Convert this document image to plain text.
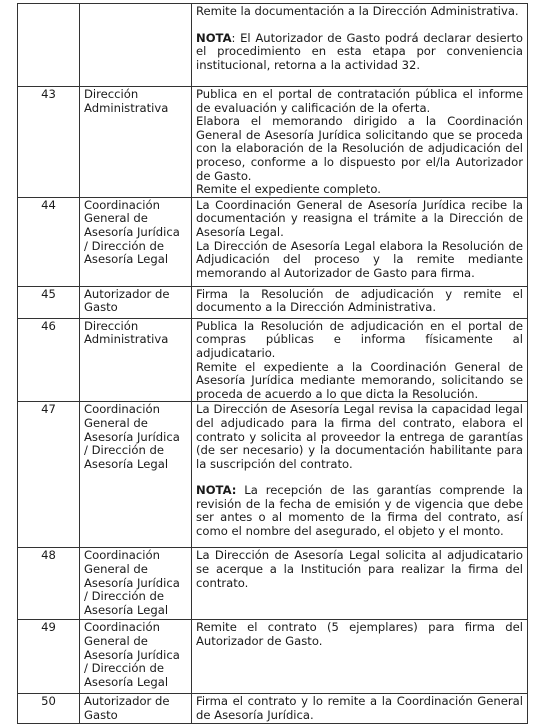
		Remite la documentación a la Dirección Administrativa.

NOTA: El Autorizador de Gasto podrá declarar desierto el procedimiento en esta etapa por conveniencia institucional, retorna a la actividad 32.

43	Dirección Administrativa	Publica en el portal de contratación pública el informe de evaluación y calificación de la oferta.

Elabora el memorando dirigido a la Coordinación General de Asesoría Jurídica solicitando que se proceda con la elaboración de la Resolución de adjudicación del proceso, conforme a lo dispuesto por el/la Autorizador de Gasto.

Remite el expediente completo.

44	Coordinación General de Asesoría Jurídica / Dirección de Asesoría Legal	La Coordinación General de Asesoría Jurídica recibe la documentación y reasigna el trámite a la Dirección de Asesoría Legal.

La Dirección de Asesoría Legal elabora la Resolución de Adjudicación del proceso y la remite mediante memorando al Autorizador de Gasto para firma.

45	Autorizador de Gasto	Firma la Resolución de adjudicación y remite el documento a la Dirección Administrativa.

46	Dirección Administrativa	Publica la Resolución de adjudicación en el portal de compras públicas e informa físicamente al adjudicatario.

Remite el expediente a la Coordinación General de Asesoría Jurídica mediante memorando, solicitando se proceda de acuerdo a lo que dicta la Resolución.

47	Coordinación General de Asesoría Jurídica / Dirección de Asesoría Legal	La Dirección de Asesoría Legal revisa la capacidad legal del adjudicado para la firma del contrato, elabora el contrato y solicita al proveedor la entrega de garantías (de ser necesario) y la documentación habilitante para la suscripción del contrato.

NOTA: La recepción de las garantías comprende la revisión de la fecha de emisión y de vigencia que debe ser antes o al momento de la firma del contrato, así como el nombre del asegurado, el objeto y el monto.

48	Coordinación General de Asesoría Jurídica / Dirección de Asesoría Legal	La Dirección de Asesoría Legal solicita al adjudicatario se acerque a la Institución para realizar la firma del contrato.

49	Coordinación General de Asesoría Jurídica / Dirección de Asesoría Legal	Remite el contrato (5 ejemplares) para firma del Autorizador de Gasto.

50	Autorizador de Gasto	Firma el contrato y lo remite a la Coordinación General de Asesoría Jurídica.
